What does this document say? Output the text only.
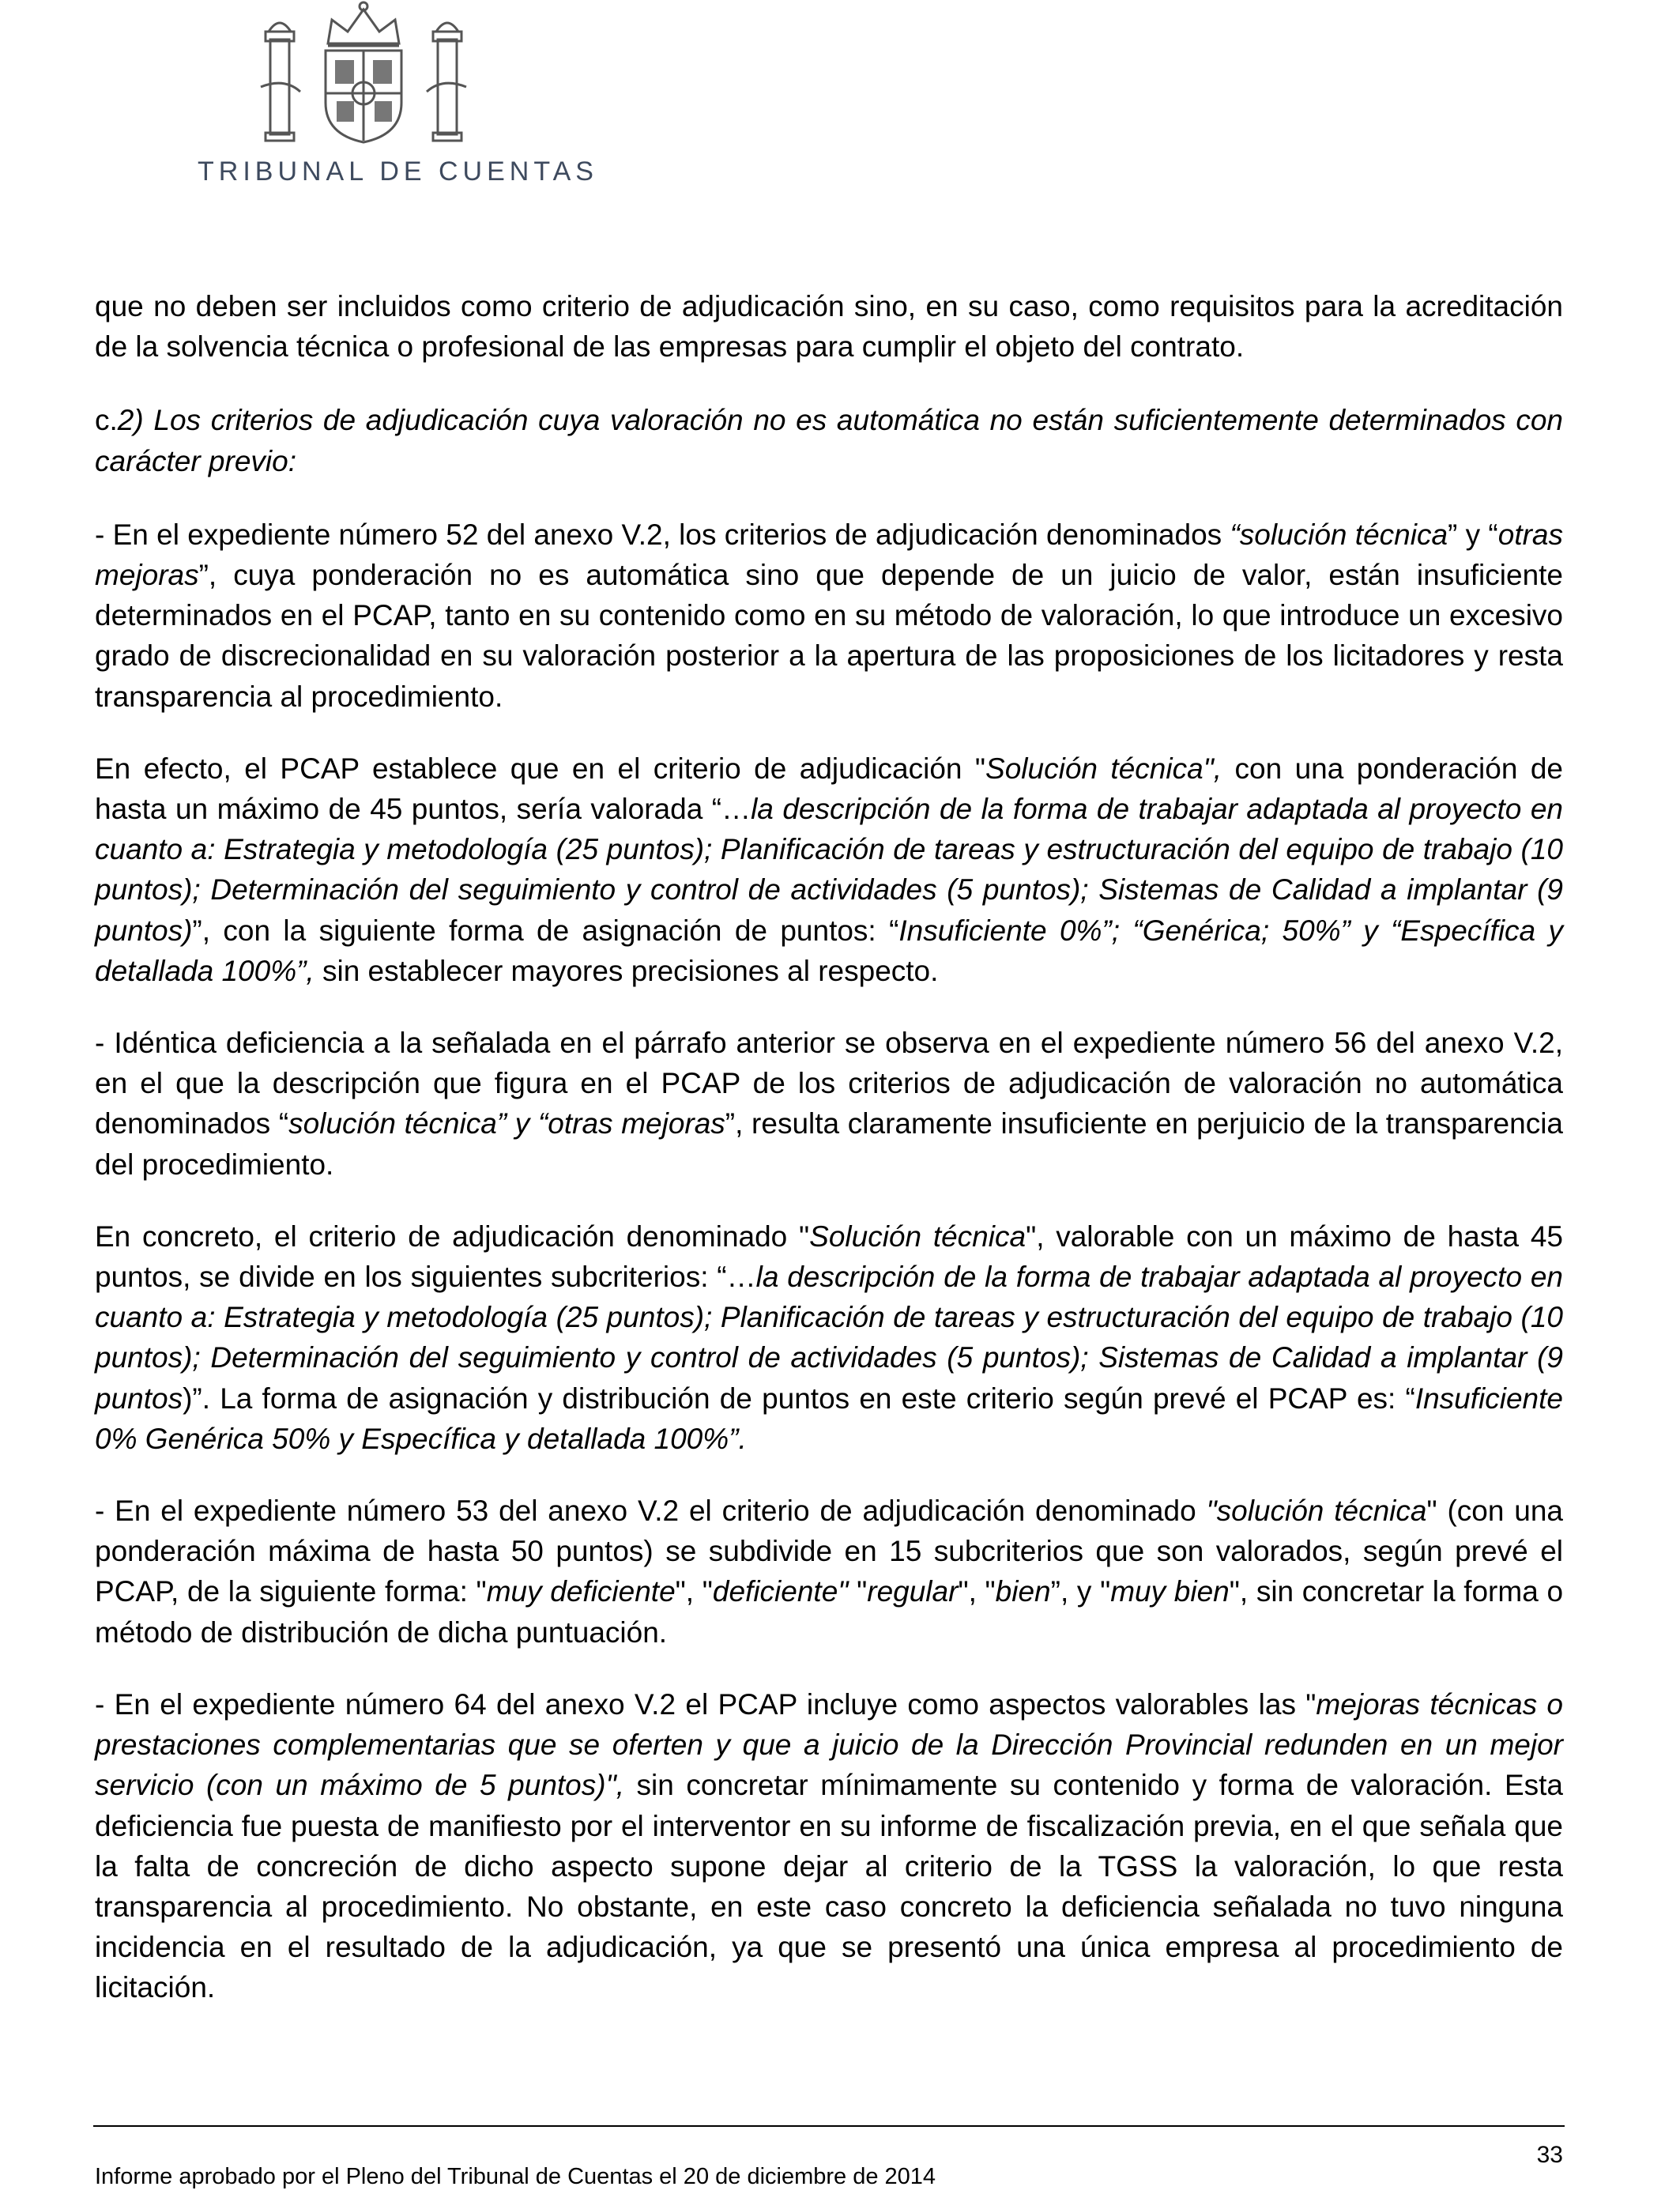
TRIBUNAL DE CUENTAS

que no deben ser incluidos como criterio de adjudicación sino, en su caso, como requisitos para la acreditación de la solvencia técnica o profesional de las empresas para cumplir el objeto del contrato.

c.2) Los criterios de adjudicación cuya valoración no es automática no están suficientemente determinados con carácter previo:

- En el expediente número 52 del anexo V.2, los criterios de adjudicación denominados “solución técnica” y “otras mejoras”, cuya ponderación no es automática sino que depende de un juicio de valor, están insuficiente determinados en el PCAP, tanto en su contenido como en su método de valoración, lo que introduce un excesivo grado de discrecionalidad en su valoración posterior a la apertura de las proposiciones de los licitadores y resta transparencia al procedimiento.

En efecto, el PCAP establece que en el criterio de adjudicación "Solución técnica", con una ponderación de hasta un máximo de 45 puntos, sería valorada “…la descripción de la forma de trabajar adaptada al proyecto en cuanto a: Estrategia y metodología (25 puntos); Planificación de tareas y estructuración del equipo de trabajo (10 puntos); Determinación del seguimiento y control de actividades (5 puntos); Sistemas de Calidad a implantar (9 puntos)”, con la siguiente forma de asignación de puntos: “Insuficiente 0%”; “Genérica; 50%” y “Específica y detallada 100%”, sin establecer mayores precisiones al respecto.

- Idéntica deficiencia a la señalada en el párrafo anterior se observa en el expediente número 56 del anexo V.2, en el que la descripción que figura en el PCAP de los criterios de adjudicación de valoración no automática denominados “solución técnica” y “otras mejoras”, resulta claramente insuficiente en perjuicio de la transparencia del procedimiento.

En concreto, el criterio de adjudicación denominado "Solución técnica", valorable con un máximo de hasta 45 puntos, se divide en los siguientes subcriterios: “…la descripción de la forma de trabajar adaptada al proyecto en cuanto a: Estrategia y metodología (25 puntos); Planificación de tareas y estructuración del equipo de trabajo (10 puntos); Determinación del seguimiento y control de actividades (5 puntos); Sistemas de Calidad a implantar (9 puntos)”. La forma de asignación y distribución de puntos en este criterio según prevé el PCAP es: “Insuficiente 0% Genérica 50% y Específica y detallada 100%”.

- En el expediente número 53 del anexo V.2 el criterio de adjudicación denominado "solución técnica" (con una ponderación máxima de hasta 50 puntos) se subdivide en 15 subcriterios que son valorados, según prevé el PCAP, de la siguiente forma: "muy deficiente", "deficiente" "regular", "bien”, y "muy bien", sin concretar la forma o método de distribución de dicha puntuación.

- En el expediente número 64 del anexo V.2 el PCAP incluye como aspectos valorables las "mejoras técnicas o prestaciones complementarias que se oferten y que a juicio de la Dirección Provincial redunden en un mejor servicio (con un máximo de 5 puntos)", sin concretar mínimamente su contenido y forma de valoración. Esta deficiencia fue puesta de manifiesto por el interventor en su informe de fiscalización previa, en el que señala que la falta de concreción de dicho aspecto supone dejar al criterio de la TGSS la valoración, lo que resta transparencia al procedimiento. No obstante, en este caso concreto la deficiencia señalada no tuvo ninguna incidencia en el resultado de la adjudicación, ya que se presentó una única empresa al procedimiento de licitación.

33
Informe aprobado por el Pleno del Tribunal de Cuentas el 20 de diciembre de 2014
